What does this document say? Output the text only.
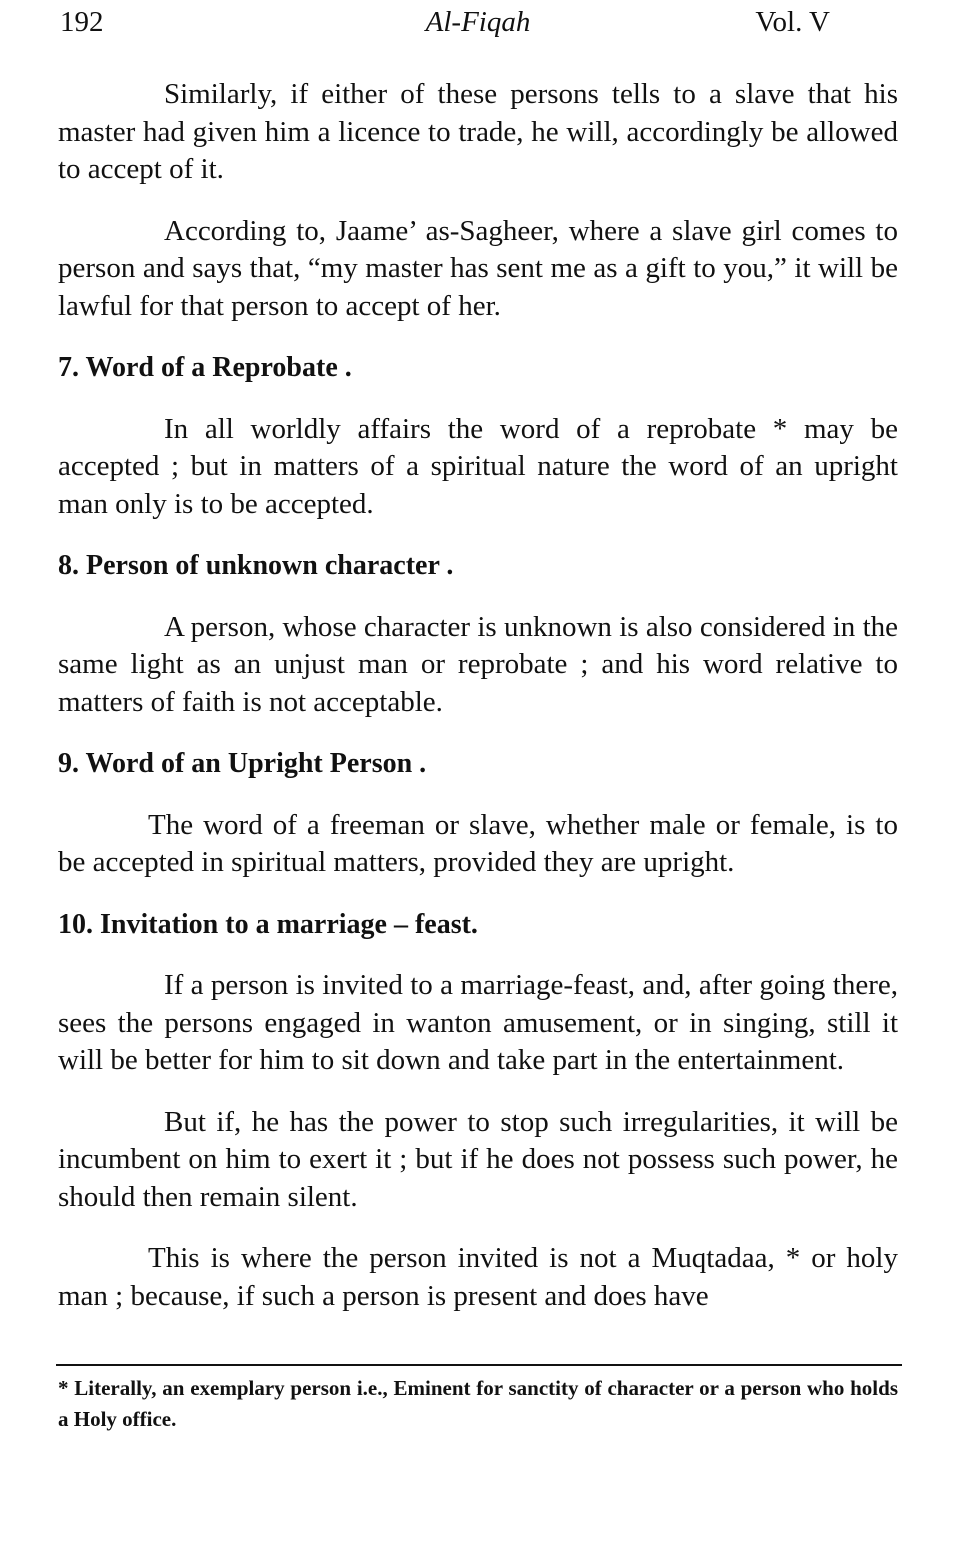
192	Al-Fiqah	Vol. V

Similarly, if either of these persons tells to a slave that his master had given him a licence to trade, he will, accordingly be allowed to accept of it.

According to, Jaame’ as-Sagheer, where a slave girl comes to person and says that, “my master has sent me as a gift to you,” it will be lawful for that person to accept of her.

7. Word of a Reprobate .

In all worldly affairs the word of a reprobate * may be accepted ; but in matters of a spiritual nature the word of an upright man only is to be accepted.

8. Person of unknown character .

A person, whose character is unknown is also considered in the same light as an unjust man or reprobate ; and his word relative to matters of faith is not acceptable.

9. Word of an Upright Person .

The word of a freeman or slave, whether male or female, is to be accepted in spiritual matters, provided they are upright.

10. Invitation to a marriage – feast.

If a person is invited to a marriage-feast, and, after going there, sees the persons engaged in wanton amusement, or in singing, still it will be better for him to sit down and take part in the entertainment.

But if, he has the power to stop such irregularities, it will be incumbent on him to exert it ; but if he does not possess such power, he should then remain silent.

This is where the person invited is not a Muqtadaa, * or holy man ; because, if such a person is present and does have

* Literally, an exemplary person i.e., Eminent for sanctity of character or a person who holds a Holy office.
